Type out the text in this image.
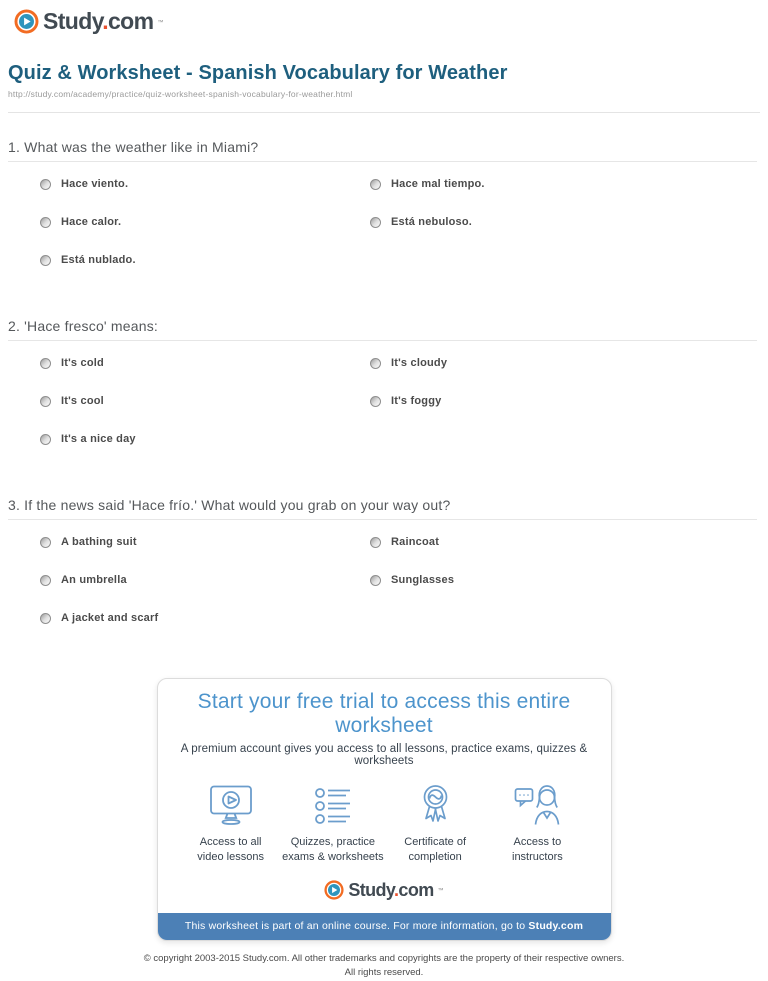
Study.com ™
Quiz & Worksheet - Spanish Vocabulary for Weather
http://study.com/academy/practice/quiz-worksheet-spanish-vocabulary-for-weather.html
1. What was the weather like in Miami?
Hace viento.	Hace mal tiempo.
Hace calor.	Está nebuloso.
Está nublado.
2. 'Hace fresco' means:
It's cold	It's cloudy
It's cool	It's foggy
It's a nice day
3. If the news said 'Hace frío.' What would you grab on your way out?
A bathing suit	Raincoat
An umbrella	Sunglasses
A jacket and scarf
Start your free trial to access this entire worksheet
A premium account gives you access to all lessons, practice exams, quizzes & worksheets
Access to all
video lessons
Quizzes, practice
exams & worksheets
Certificate of
completion
Access to
instructors
Study.com ™
This worksheet is part of an online course. For more information, go to Study.com
© copyright 2003-2015 Study.com. All other trademarks and copyrights are the property of their respective owners.
All rights reserved.
